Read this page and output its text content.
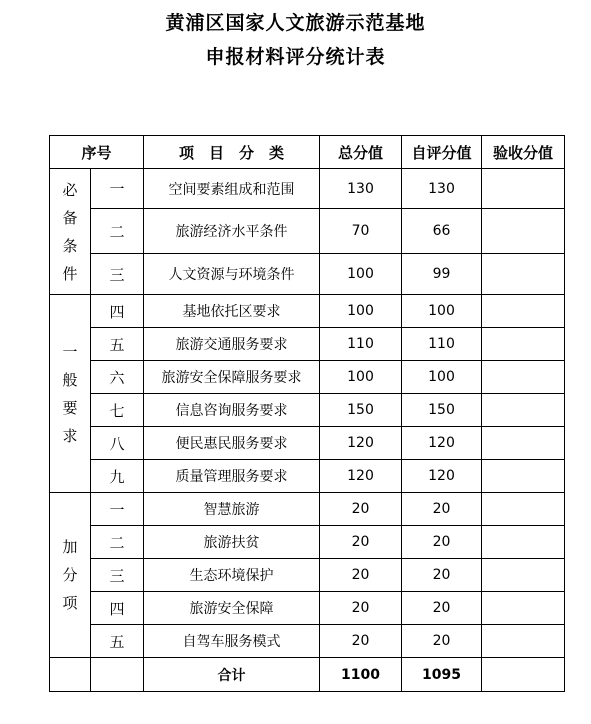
黄浦区国家人文旅游示范基地
申报材料评分统计表
序号		项　目　分　类	总分值	自评分值	验收分值
必备条件	一	空间要素组成和范围	130	130	
	二	旅游经济水平条件	70	66	
	三	人文资源与环境条件	100	99	
一般要求	四	基地依托区要求	100	100	
	五	旅游交通服务要求	110	110	
	六	旅游安全保障服务要求	100	100	
	七	信息咨询服务要求	150	150	
	八	便民惠民服务要求	120	120	
	九	质量管理服务要求	120	120	
加分项	一	智慧旅游	20	20	
	二	旅游扶贫	20	20	
	三	生态环境保护	20	20	
	四	旅游安全保障	20	20	
	五	自驾车服务模式	20	20	
		合计	1100	1095	
